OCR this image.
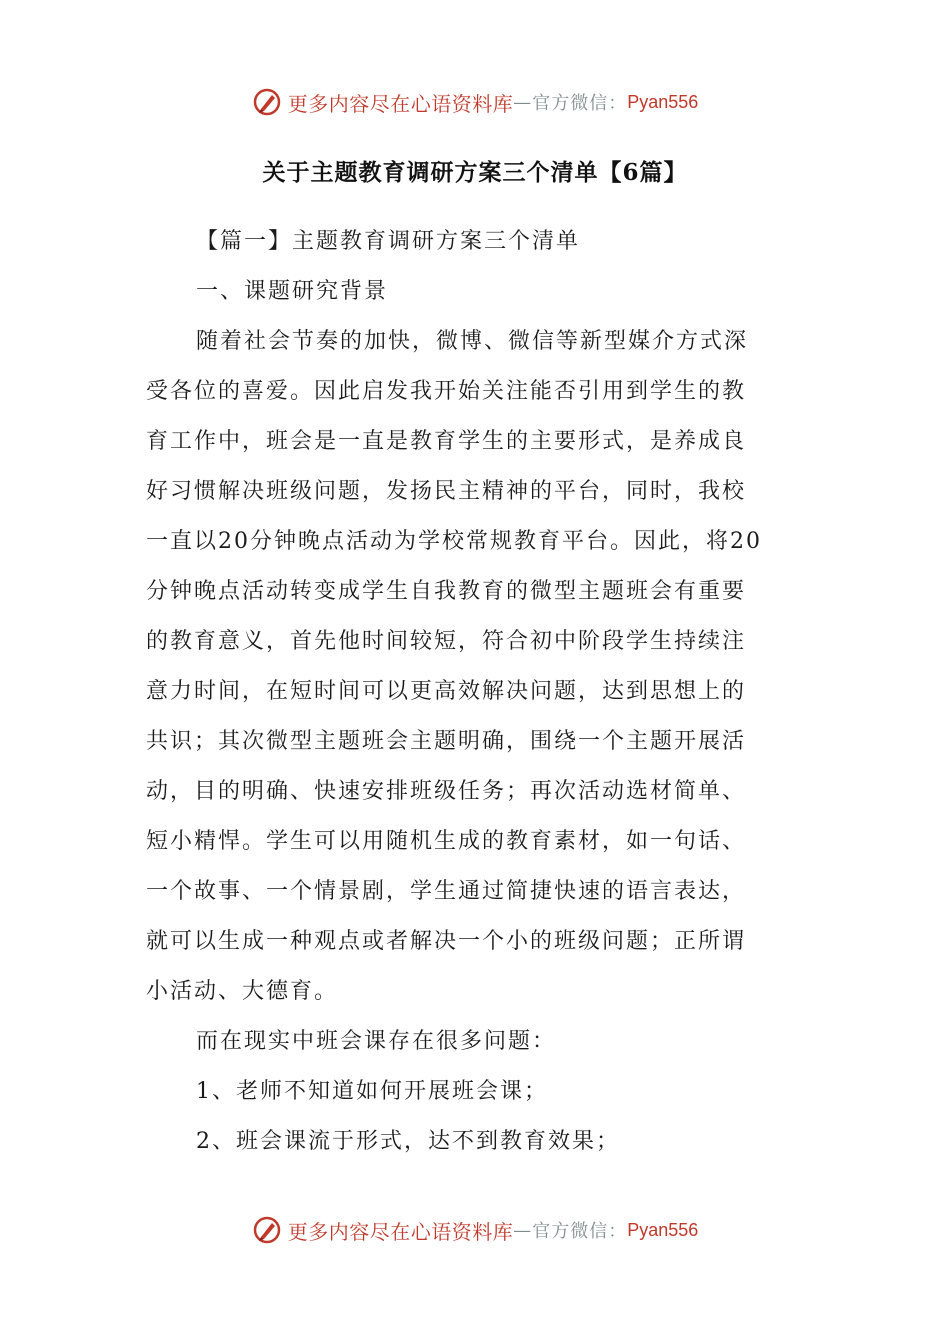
更多内容尽在心语资料库 — 官方微信： Pyan556
关于主题教育调研方案三个清单【6篇】
【篇一】主题教育调研方案三个清单
一、课题研究背景
随着社会节奏的加快，微博、微信等新型媒介方式深
受各位的喜爱。因此启发我开始关注能否引用到学生的教
育工作中，班会是一直是教育学生的主要形式，是养成良
好习惯解决班级问题，发扬民主精神的平台，同时，我校
一直以20分钟晚点活动为学校常规教育平台。因此，将20
分钟晚点活动转变成学生自我教育的微型主题班会有重要
的教育意义，首先他时间较短，符合初中阶段学生持续注
意力时间，在短时间可以更高效解决问题，达到思想上的
共识；其次微型主题班会主题明确，围绕一个主题开展活
动，目的明确、快速安排班级任务；再次活动选材简单、
短小精悍。学生可以用随机生成的教育素材，如一句话、
一个故事、一个情景剧，学生通过简捷快速的语言表达，
就可以生成一种观点或者解决一个小的班级问题；正所谓
小活动、大德育。
而在现实中班会课存在很多问题：
1、老师不知道如何开展班会课；
2、班会课流于形式，达不到教育效果；
更多内容尽在心语资料库 — 官方微信： Pyan556
